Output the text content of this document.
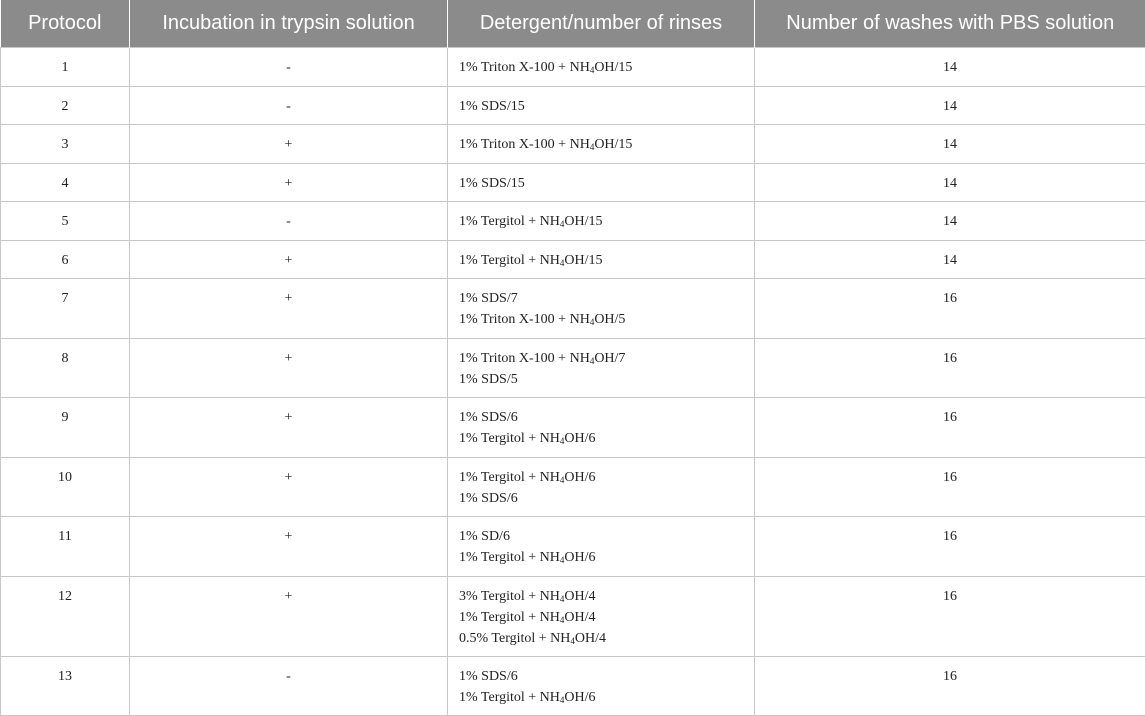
Protocol	Incubation in trypsin solution	Detergent/number of rinses	Number of washes with PBS solution
1	-	1% Triton $X-100 + NH_4OH/15$	14
2	-	1% SDS/15	14
3	+	1% Triton $X-100 + NH_4OH/15$	14
4	+	1% SDS/15	14
5	-	1% Tergitol + $NH_4OH/15$	14
6	+	1% Tergitol + $NH_4OH/15$	14
7	+	1% SDS/7
1% Triton $X-100 + NH_4OH/5$	16
8	+	1% Triton $X-100 + NH_4OH/7$
1% SDS/5	16
9	+	1% SDS/6
1% Tergitol + $NH_4OH/6$	16
10	+	1% Tergitol + $NH_4OH/6$
1% SDS/6	16
11	+	1% SD/6
1% Tergitol + $NH_4OH/6$	16
12	+	3% Tergitol + $NH_4OH/4$
1% Tergitol + $NH_4OH/4$
0.5% Tergitol + $NH_4OH/4$	16
13	-	1% SDS/6
1% Tergitol + $NH_4OH/6$	16
